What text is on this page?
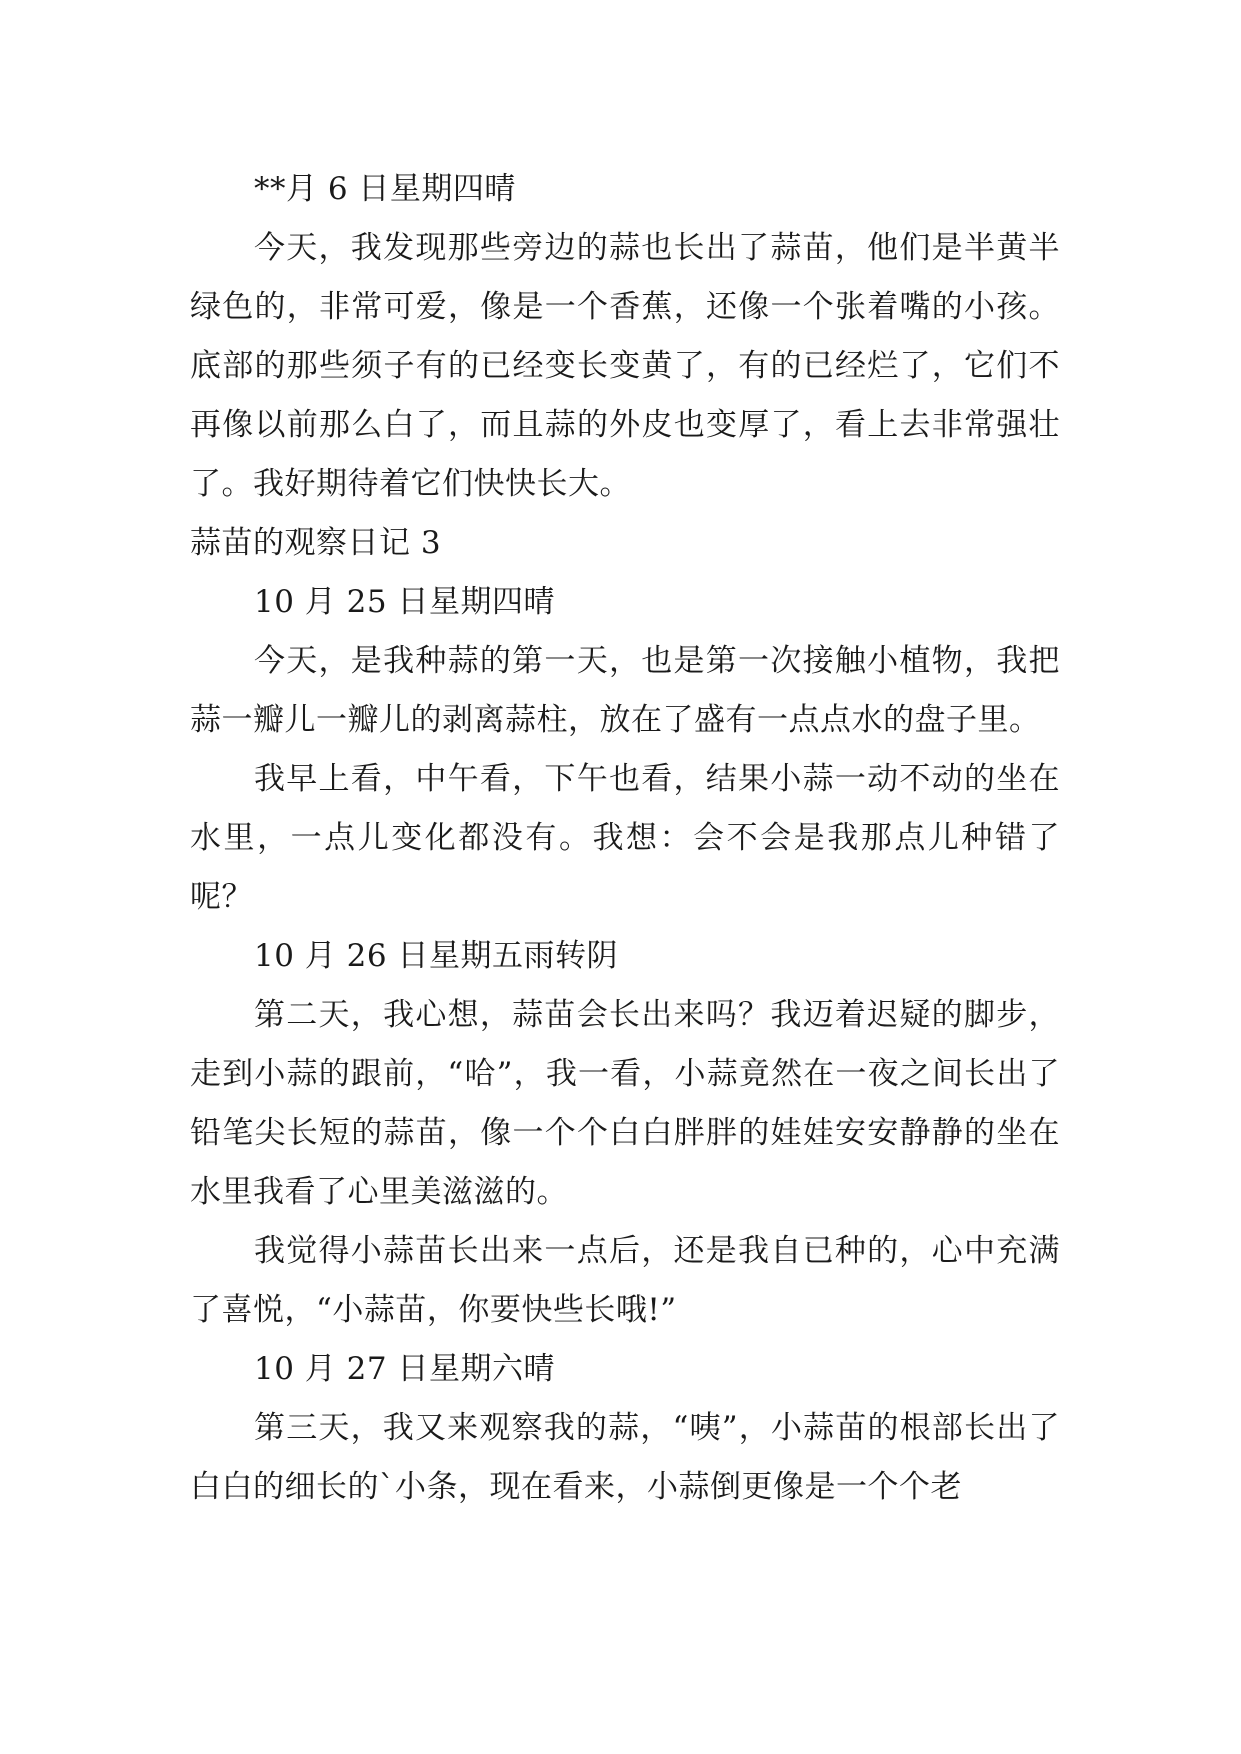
**月 6 日星期四晴

今天，我发现那些旁边的蒜也长出了蒜苗，他们是半黄半绿色的，非常可爱，像是一个香蕉，还像一个张着嘴的小孩。底部的那些须子有的已经变长变黄了，有的已经烂了，它们不再像以前那么白了，而且蒜的外皮也变厚了，看上去非常强壮了。我好期待着它们快快长大。

蒜苗的观察日记 3

10 月 25 日星期四晴

今天，是我种蒜的第一天，也是第一次接触小植物，我把蒜一瓣儿一瓣儿的剥离蒜柱，放在了盛有一点点水的盘子里。

我早上看，中午看，下午也看，结果小蒜一动不动的坐在水里，一点儿变化都没有。我想：会不会是我那点儿种错了呢？

10 月 26 日星期五雨转阴

第二天，我心想，蒜苗会长出来吗？我迈着迟疑的脚步，走到小蒜的跟前，“哈”，我一看，小蒜竟然在一夜之间长出了铅笔尖长短的蒜苗，像一个个白白胖胖的娃娃安安静静的坐在水里我看了心里美滋滋的。

我觉得小蒜苗长出来一点后，还是我自已种的，心中充满了喜悦，“小蒜苗，你要快些长哦!”

10 月 27 日星期六晴

第三天，我又来观察我的蒜，“咦”，小蒜苗的根部长出了白白的细长的`小条，现在看来，小蒜倒更像是一个个老
